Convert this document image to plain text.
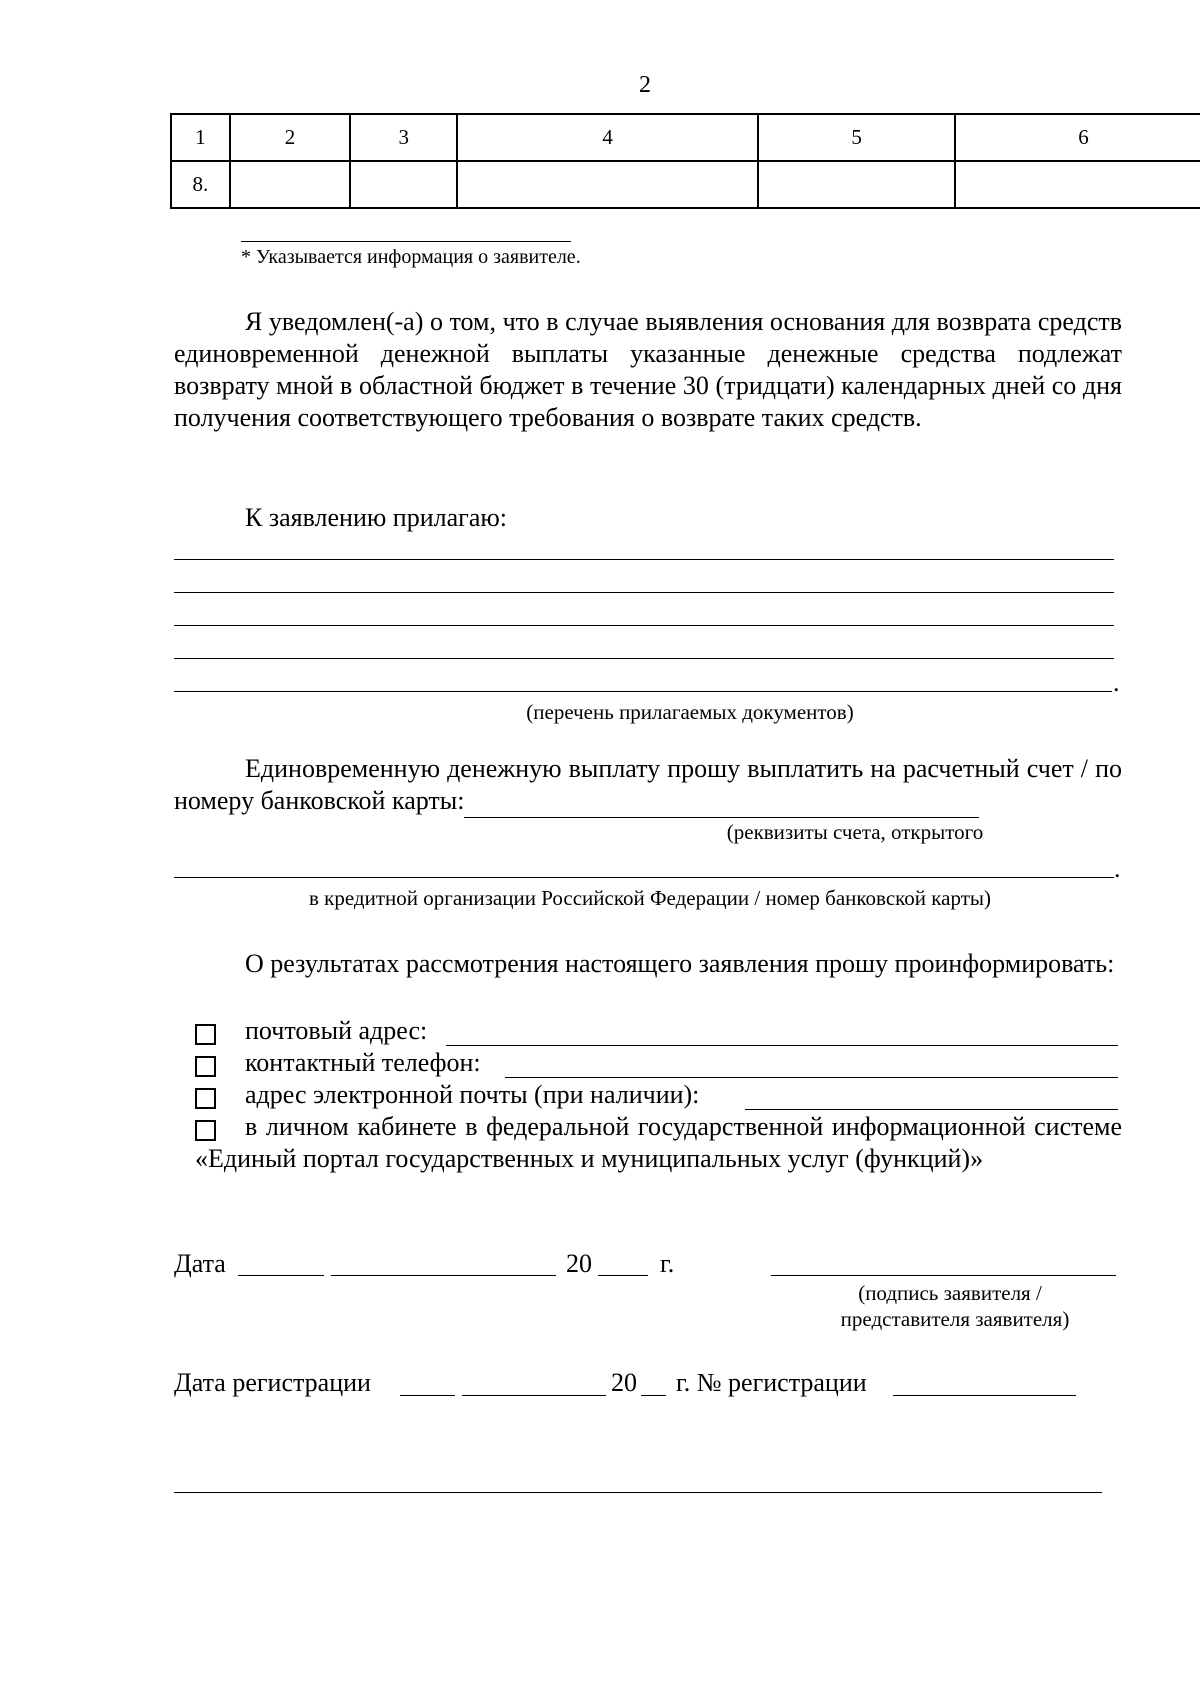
2
1	2	3	4	5	6
8.					
* Указывается информация о заявителе.
Я уведомлен(-а) о том, что в случае выявления основания для возврата средств единовременной денежной выплаты указанные денежные средства подлежат возврату мной в областной бюджет в течение 30 (тридцати) календарных дней со дня получения соответствующего требования о возврате таких средств.
К заявлению прилагаю:
.
(перечень прилагаемых документов)
Единовременную денежную выплату прошу выплатить на расчетный счет / по номеру банковской карты:
(реквизиты счета, открытого
.
в кредитной организации Российской Федерации / номер банковской карты)
О результатах рассмотрения настоящего заявления прошу проинформировать:
почтовый адрес:
контактный телефон:
адрес электронной почты (при наличии):
в личном кабинете в федеральной государственной информационной системе «Единый портал государственных и муниципальных услуг (функций)»
Дата	20	г.
(подпись заявителя /
представителя заявителя)
Дата регистрации	20 г. № регистрации
